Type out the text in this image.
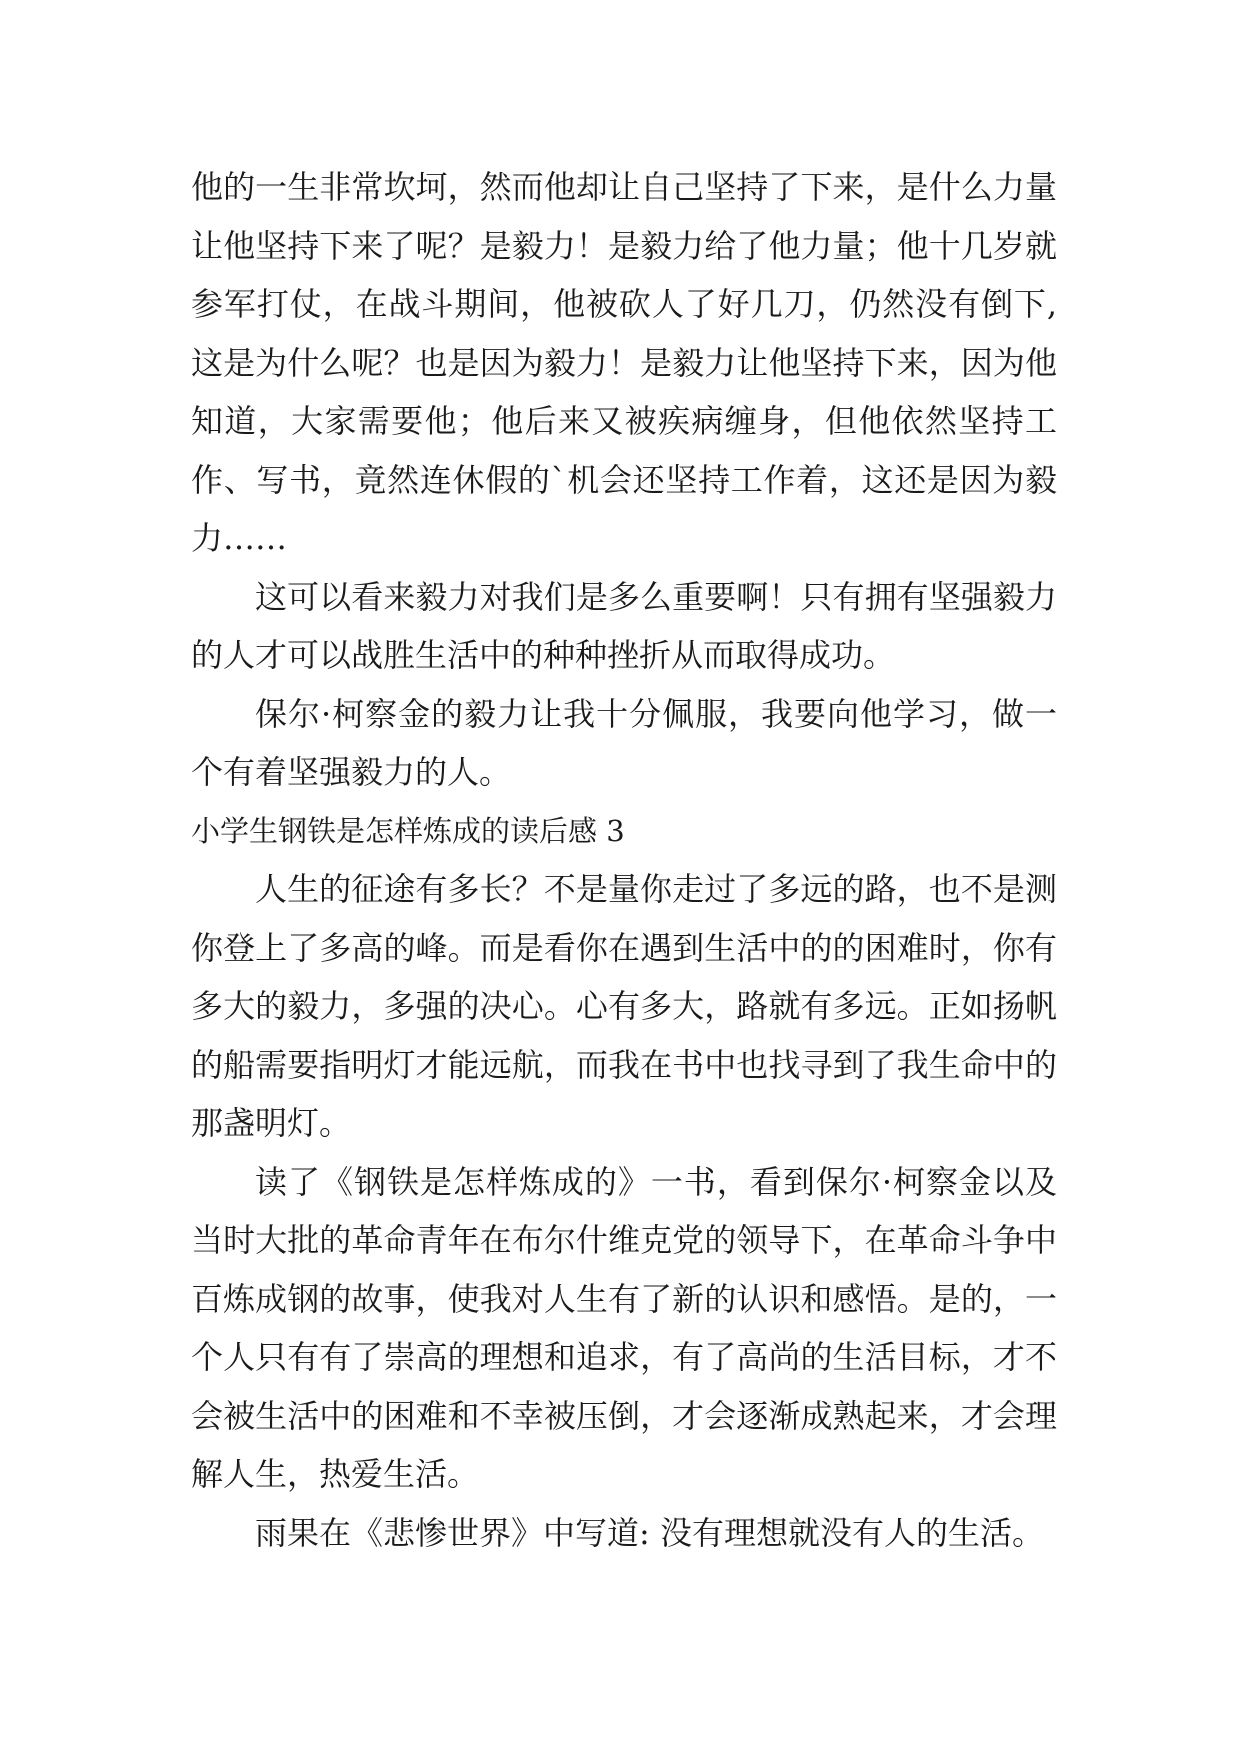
他的一生非常坎坷，然而他却让自己坚持了下来，是什么力量让他坚持下来了呢？是毅力！是毅力给了他力量；他十几岁就参军打仗，在战斗期间，他被砍人了好几刀，仍然没有倒下,这是为什么呢？也是因为毅力！是毅力让他坚持下来，因为他知道，大家需要他；他后来又被疾病缠身，但他依然坚持工作、写书，竟然连休假的`机会还坚持工作着，这还是因为毅力……

这可以看来毅力对我们是多么重要啊！只有拥有坚强毅力的人才可以战胜生活中的种种挫折从而取得成功。

保尔·柯察金的毅力让我十分佩服，我要向他学习，做一个有着坚强毅力的人。

小学生钢铁是怎样炼成的读后感 3

人生的征途有多长？不是量你走过了多远的路，也不是测你登上了多高的峰。而是看你在遇到生活中的的困难时，你有多大的毅力，多强的决心。心有多大，路就有多远。正如扬帆的船需要指明灯才能远航，而我在书中也找寻到了我生命中的那盏明灯。

读了《钢铁是怎样炼成的》一书，看到保尔·柯察金以及当时大批的革命青年在布尔什维克党的领导下，在革命斗争中百炼成钢的故事，使我对人生有了新的认识和感悟。是的，一个人只有有了崇高的理想和追求，有了高尚的生活目标，才不会被生活中的困难和不幸被压倒，才会逐渐成熟起来，才会理解人生，热爱生活。

雨果在《悲惨世界》中写道: 没有理想就没有人的生活。
